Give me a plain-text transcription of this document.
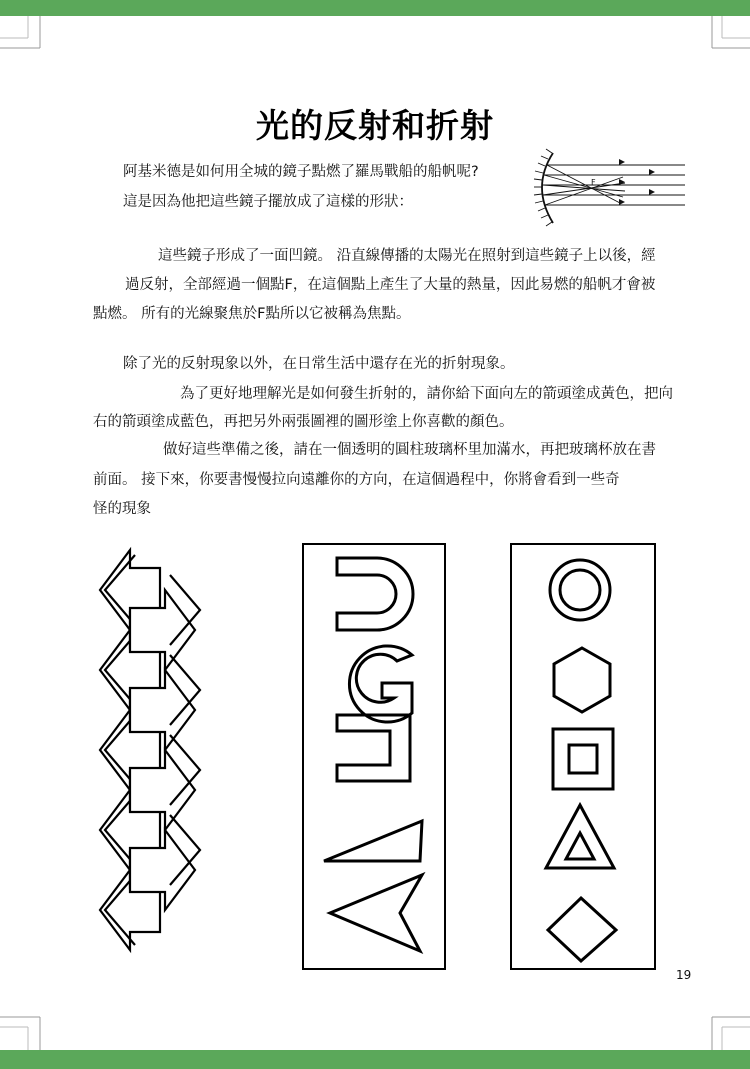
光的反射和折射
阿基米德是如何用全城的鏡子點燃了羅馬戰船的船帆呢?
這是因為他把這些鏡子擺放成了這樣的形狀：
F
這些鏡子形成了一面凹鏡。 沿直線傳播的太陽光在照射到這些鏡子上以後，經
過反射，全部經過一個點F，在這個點上產生了大量的熱量，因此易燃的船帆才會被
點燃。 所有的光線聚焦於F點所以它被稱為焦點。
除了光的反射現象以外，在日常生活中還存在光的折射現象。
為了更好地理解光是如何發生折射的，請你給下面向左的箭頭塗成黃色，把向
右的箭頭塗成藍色，再把另外兩張圖裡的圖形塗上你喜歡的顏色。
做好這些準備之後，請在一個透明的圓柱玻璃杯里加滿水，再把玻璃杯放在書
前面。 接下來，你要書慢慢拉向遠離你的方向，在這個過程中，你將會看到一些奇
怪的現象
19
